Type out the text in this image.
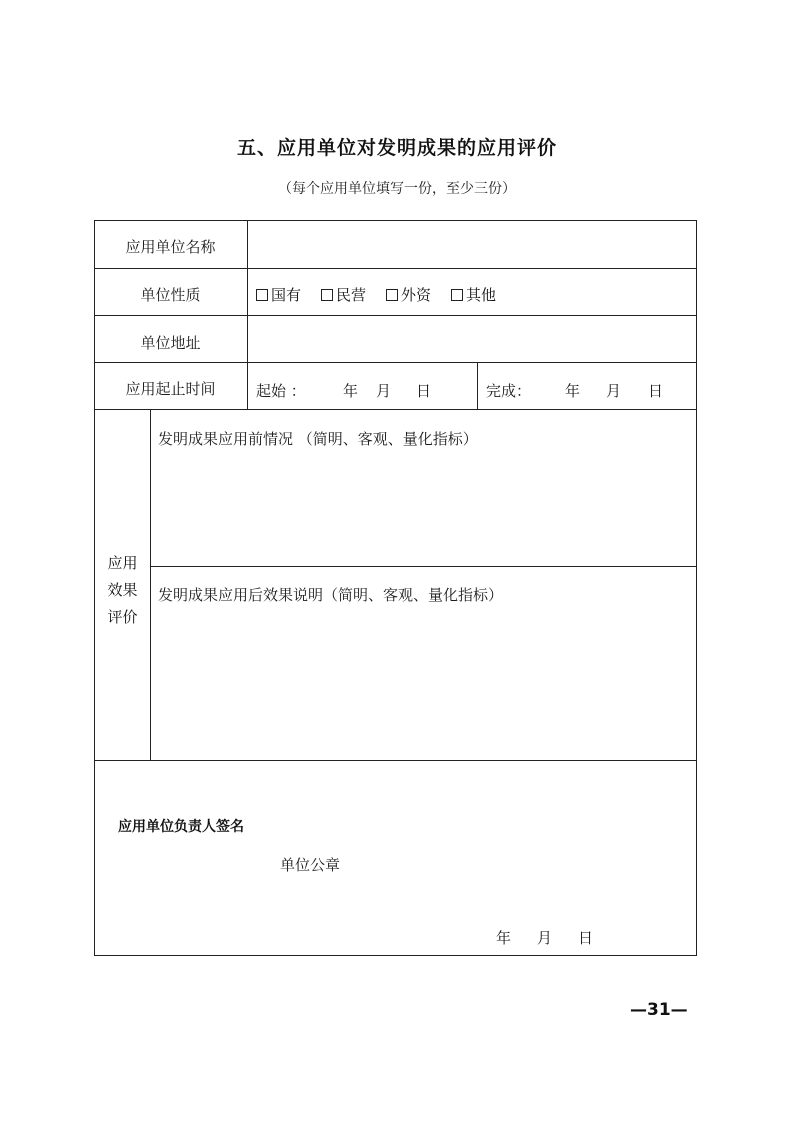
五、应用单位对发明成果的应用评价
（每个应用单位填写一份，至少三份）
应用单位名称
单位性质	国有 民营 外资 其他
单位地址
应用起止时间	起始 ： 年 月 日	完成： 年 月 日
应用
效果
评价
发明成果应用前情况 （简明、客观、量化指标）
发明成果应用后效果说明（简明、客观、量化指标）
应用单位负责人签名
单位公章
年 月 日
—31—
